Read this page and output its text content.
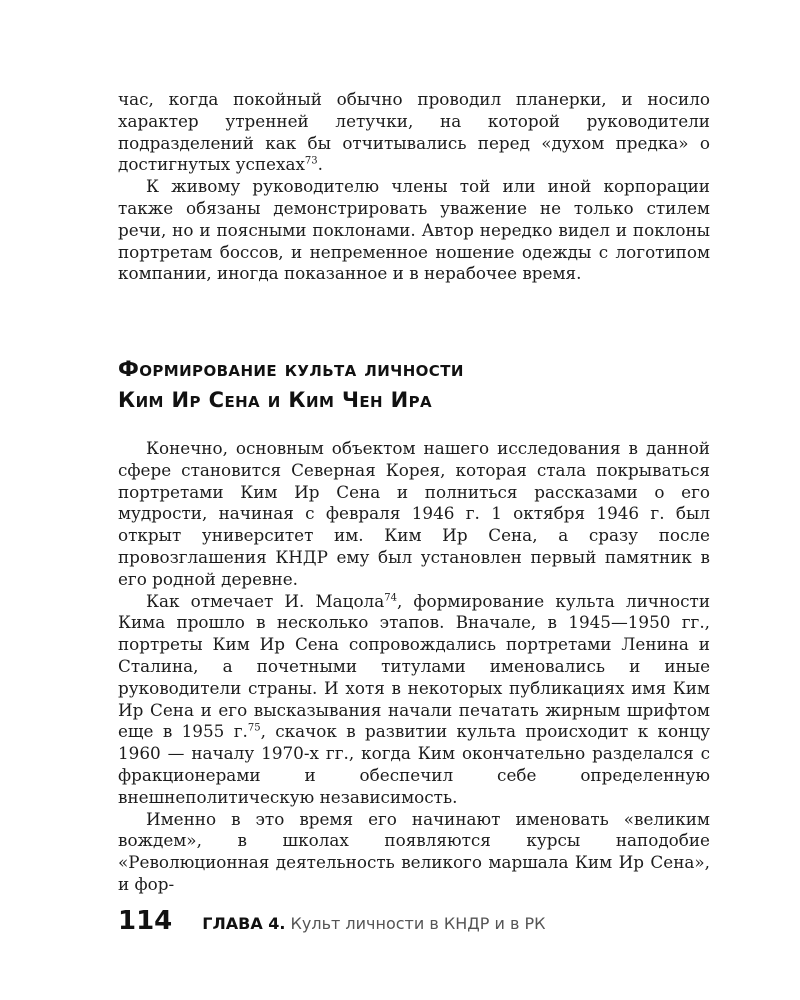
час, когда покойный обычно проводил планерки, и носило характер утренней летучки, на которой руководители подразделений как бы отчитывались перед «духом предка» о достигнутых успехах$^{73}$.

К живому руководителю члены той или иной корпорации также обязаны демонстрировать уважение не только стилем речи, но и поясными поклонами. Автор нередко видел и поклоны портретам боссов, и непременное ношение одежды с логотипом компании, иногда показанное и в нерабочее время.

Формирование культа личности
Ким Ир Сена и Ким Чен Ира

Конечно, основным объектом нашего исследования в данной сфере становится Северная Корея, которая стала покрываться портретами Ким Ир Сена и полниться рассказами о его мудрости, начиная с февраля 1946 г. 1 октября 1946 г. был открыт университет им. Ким Ир Сена, а сразу после провозглашения КНДР ему был установлен первый памятник в его родной деревне.

Как отмечает И. Мацола$^{74}$, формирование культа личности Кима прошло в несколько этапов. Вначале, в 1945—1950 гг., портреты Ким Ир Сена сопровождались портретами Ленина и Сталина, а почетными титулами именовались и иные руководители страны. И хотя в некоторых публикациях имя Ким Ир Сена и его высказывания начали печатать жирным шрифтом еще в 1955 г.$^{75}$, скачок в развитии культа происходит к концу 1960 — началу 1970-х гг., когда Ким окончательно разделался с фракционерами и обеспечил себе определенную внешнеполитическую независимость.

Именно в это время его начинают именовать «великим вождем», в школах появляются курсы наподобие «Революционная деятельность великого маршала Ким Ир Сена», и фор-

114 ГЛАВА 4. Культ личности в КНДР и в РК
